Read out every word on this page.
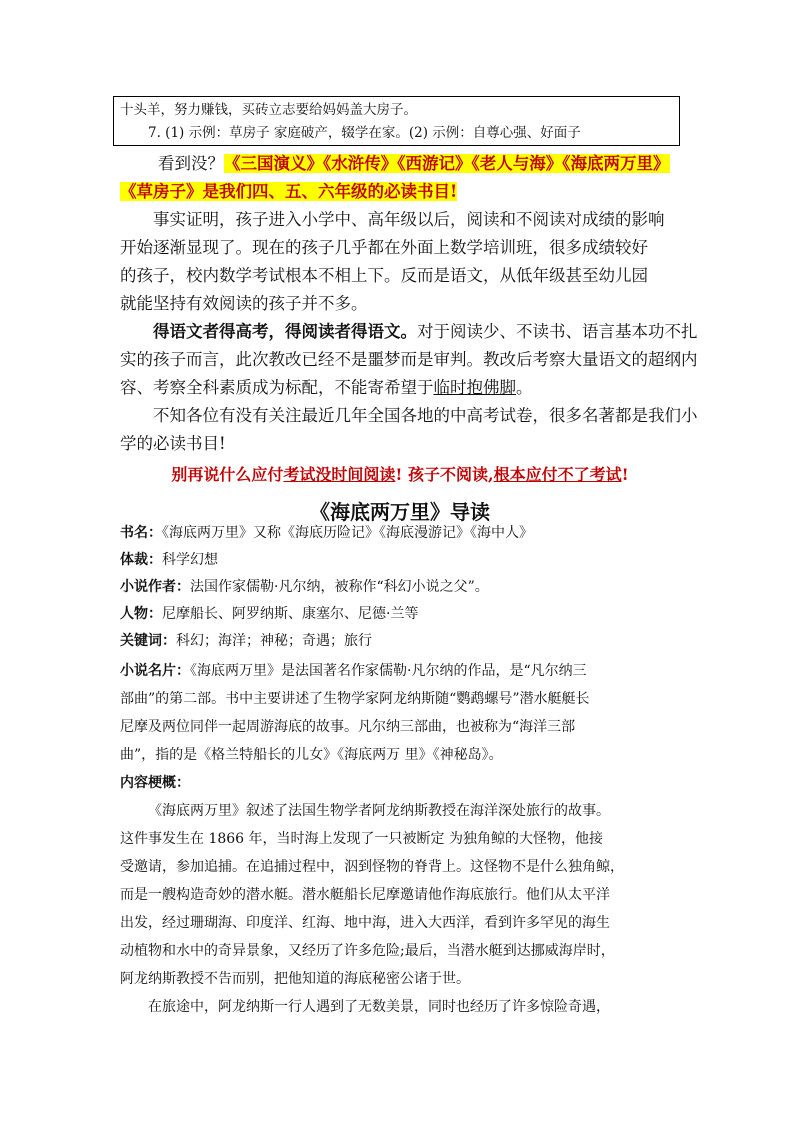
十头羊，努力赚钱，买砖立志要给妈妈盖大房子。
7. (1) 示例：草房子 家庭破产，辍学在家。(2) 示例：自尊心强、好面子
看到没？《三国演义》《水浒传》《西游记》《老人与海》《海底两万里》
《草房子》是我们四、五、六年级的必读书目!
事实证明，孩子进入小学中、高年级以后，阅读和不阅读对成绩的影响
开始逐渐显现了。现在的孩子几乎都在外面上数学培训班，很多成绩较好
的孩子，校内数学考试根本不相上下。反而是语文，从低年级甚至幼儿园
就能坚持有效阅读的孩子并不多。
得语文者得高考，得阅读者得语文。对于阅读少、不读书、语言基本功不扎
实的孩子而言，此次教改已经不是噩梦而是审判。教改后考察大量语文的超纲内
容、考察全科素质成为标配，不能寄希望于临时抱佛脚。
不知各位有没有关注最近几年全国各地的中高考试卷，很多名著都是我们小
学的必读书目!
别再说什么应付考试没时间阅读! 孩子不阅读,根本应付不了考试!
《海底两万里》导读
书名：《海底两万里》又称《海底历险记》《海底漫游记》《海中人》
体裁：科学幻想
小说作者：法国作家儒勒·凡尔纳，被称作“科幻小说之父”。
人物：尼摩船长、阿罗纳斯、康塞尔、尼德·兰等
关键词：科幻；海洋；神秘；奇遇；旅行
小说名片：《海底两万里》是法国著名作家儒勒·凡尔纳的作品，是“凡尔纳三
部曲”的第二部。书中主要讲述了生物学家阿龙纳斯随“鹦鹉螺号”潜水艇艇长
尼摩及两位同伴一起周游海底的故事。凡尔纳三部曲，也被称为“海洋三部
曲”，指的是《格兰特船长的儿女》《海底两万 里》《神秘岛》。
内容梗概：
《海底两万里》叙述了法国生物学者阿龙纳斯教授在海洋深处旅行的故事。
这件事发生在 1866 年，当时海上发现了一只被断定 为独角鲸的大怪物，他接
受邀请，参加追捕。在追捕过程中，泅到怪物的脊背上。这怪物不是什么独角鲸，
而是一艘构造奇妙的潜水艇。潜水艇船长尼摩邀请他作海底旅行。他们从太平洋
出发，经过珊瑚海、印度洋、红海、地中海，进入大西洋，看到许多罕见的海生
动植物和水中的奇异景象，又经历了许多危险;最后，当潜水艇到达挪威海岸时，
阿龙纳斯教授不告而别，把他知道的海底秘密公诸于世。
在旅途中，阿龙纳斯一行人遇到了无数美景，同时也经历了许多惊险奇遇，
